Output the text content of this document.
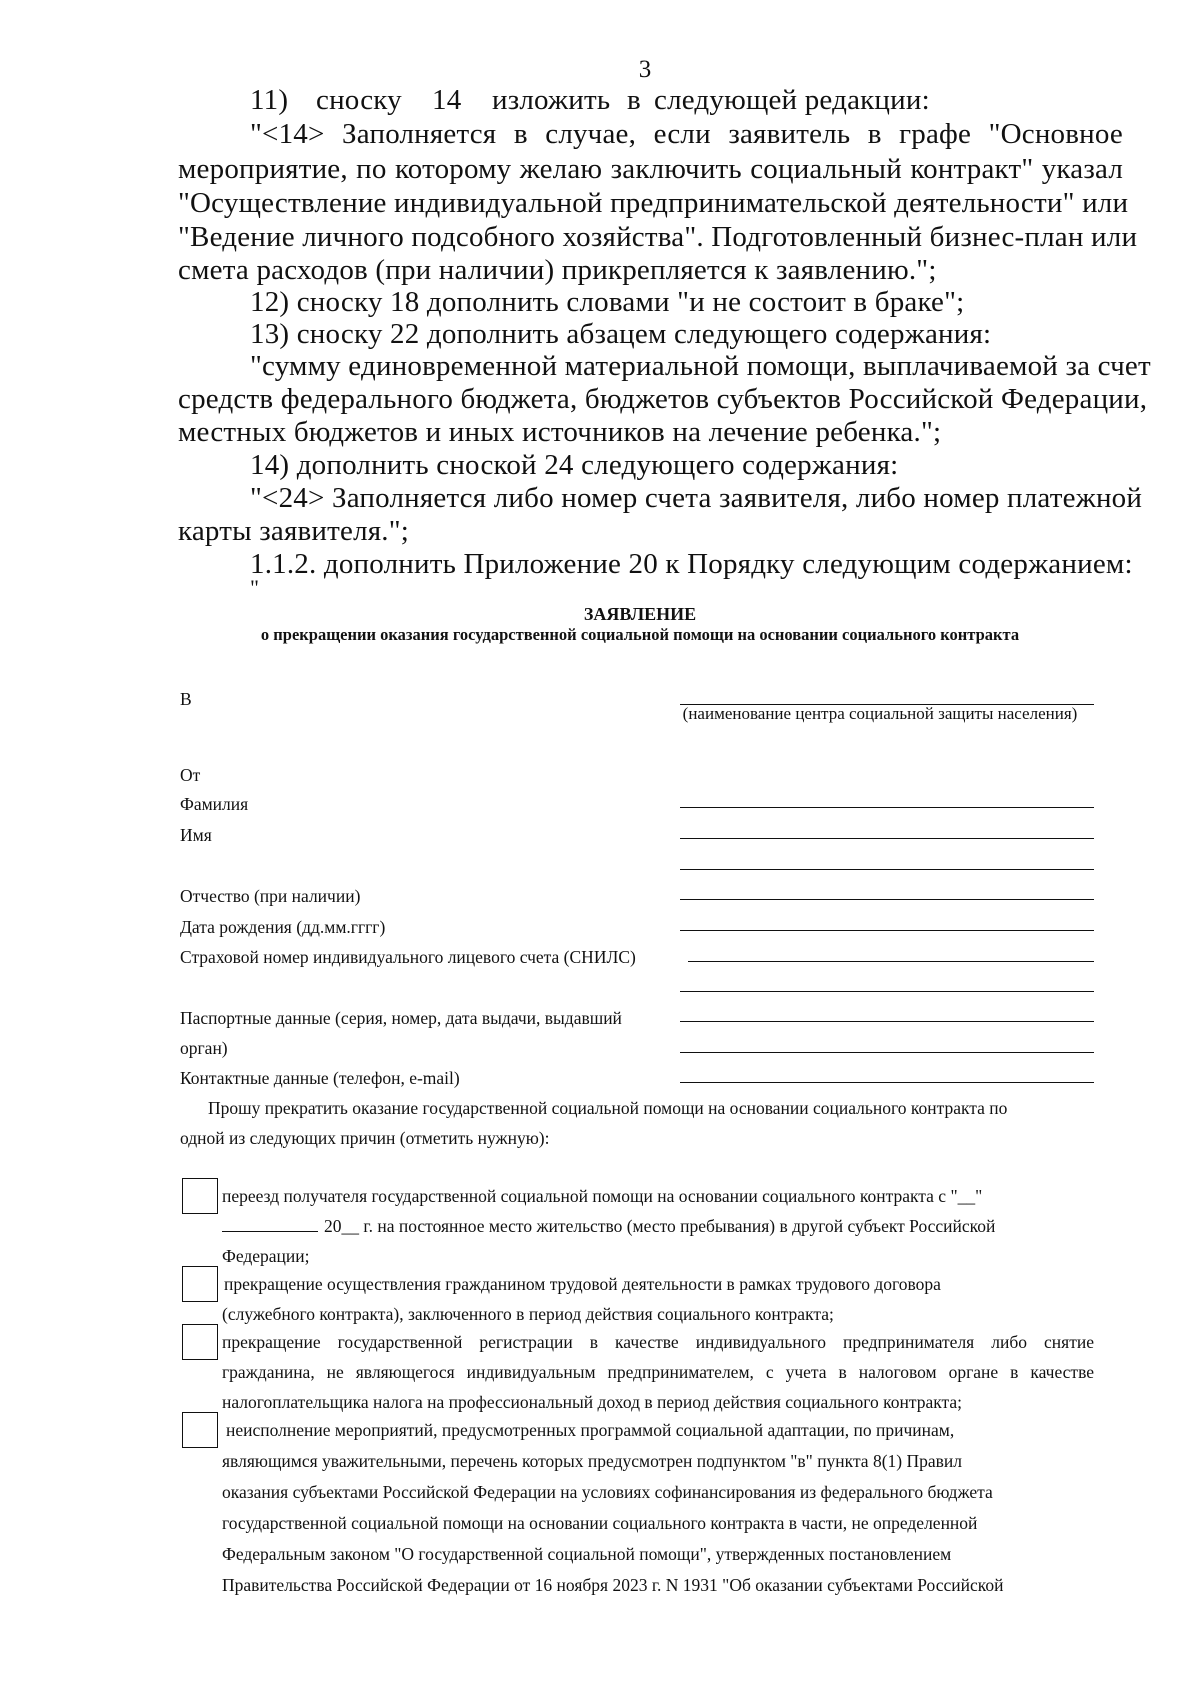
3
11) сноску 14 изложить в следующей редакции:
"<14> Заполняется в случае, если заявитель в графе "Основное
мероприятие, по которому желаю заключить социальный контракт" указал
"Осуществление индивидуальной предпринимательской деятельности" или
"Ведение личного подсобного хозяйства". Подготовленный бизнес-план или
смета расходов (при наличии) прикрепляется к заявлению.";
12) сноску 18 дополнить словами "и не состоит в браке";
13) сноску 22 дополнить абзацем следующего содержания:
"сумму единовременной материальной помощи, выплачиваемой за счет
средств федерального бюджета, бюджетов субъектов Российской Федерации,
местных бюджетов и иных источников на лечение ребенка.";
14) дополнить сноской 24 следующего содержания:
"<24> Заполняется либо номер счета заявителя, либо номер платежной
карты заявителя.";
1.1.2. дополнить Приложение 20 к Порядку следующим содержанием:
"
ЗАЯВЛЕНИЕ
о прекращении оказания государственной социальной помощи на основании социального контракта
В
(наименование центра социальной защиты населения)
От
Фамилия
Имя
Отчество (при наличии)
Дата рождения (дд.мм.гггг)
Страховой номер индивидуального лицевого счета (СНИЛС)
Паспортные данные (серия, номер, дата выдачи, выдавший
орган)
Контактные данные (телефон, e-mail)
Прошу прекратить оказание государственной социальной помощи на основании социального контракта по
одной из следующих причин (отметить нужную):
переезд получателя государственной социальной помощи на основании социального контракта с "__"
20__ г. на постоянное место жительство (место пребывания) в другой субъект Российской
Федерации;
прекращение осуществления гражданином трудовой деятельности в рамках трудового договора
(служебного контракта), заключенного в период действия социального контракта;
прекращение государственной регистрации в качестве индивидуального предпринимателя либо снятие
гражданина, не являющегося индивидуальным предпринимателем, с учета в налоговом органе в качестве
налогоплательщика налога на профессиональный доход в период действия социального контракта;
неисполнение мероприятий, предусмотренных программой социальной адаптации, по причинам,
являющимся уважительными, перечень которых предусмотрен подпунктом "в" пункта 8(1) Правил
оказания субъектами Российской Федерации на условиях софинансирования из федерального бюджета
государственной социальной помощи на основании социального контракта в части, не определенной
Федеральным законом "О государственной социальной помощи", утвержденных постановлением
Правительства Российской Федерации от 16 ноября 2023 г. N 1931 "Об оказании субъектами Российской
